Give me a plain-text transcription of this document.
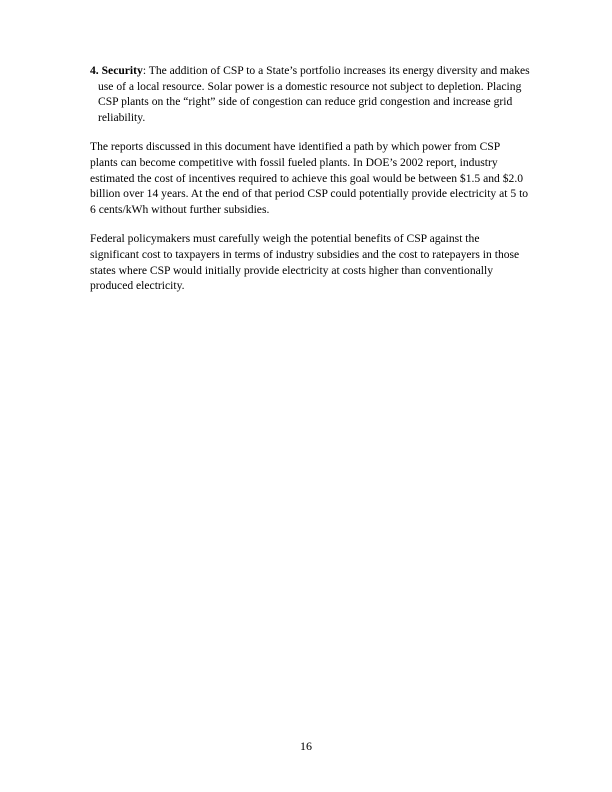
4. Security: The addition of CSP to a State’s portfolio increases its energy diversity and makes use of a local resource. Solar power is a domestic resource not subject to depletion. Placing CSP plants on the “right” side of congestion can reduce grid congestion and increase grid reliability.

The reports discussed in this document have identified a path by which power from CSP plants can become competitive with fossil fueled plants. In DOE’s 2002 report, industry estimated the cost of incentives required to achieve this goal would be between $1.5 and $2.0 billion over 14 years. At the end of that period CSP could potentially provide electricity at 5 to 6 cents/kWh without further subsidies.

Federal policymakers must carefully weigh the potential benefits of CSP against the significant cost to taxpayers in terms of industry subsidies and the cost to ratepayers in those states where CSP would initially provide electricity at costs higher than conventionally produced electricity.

16
